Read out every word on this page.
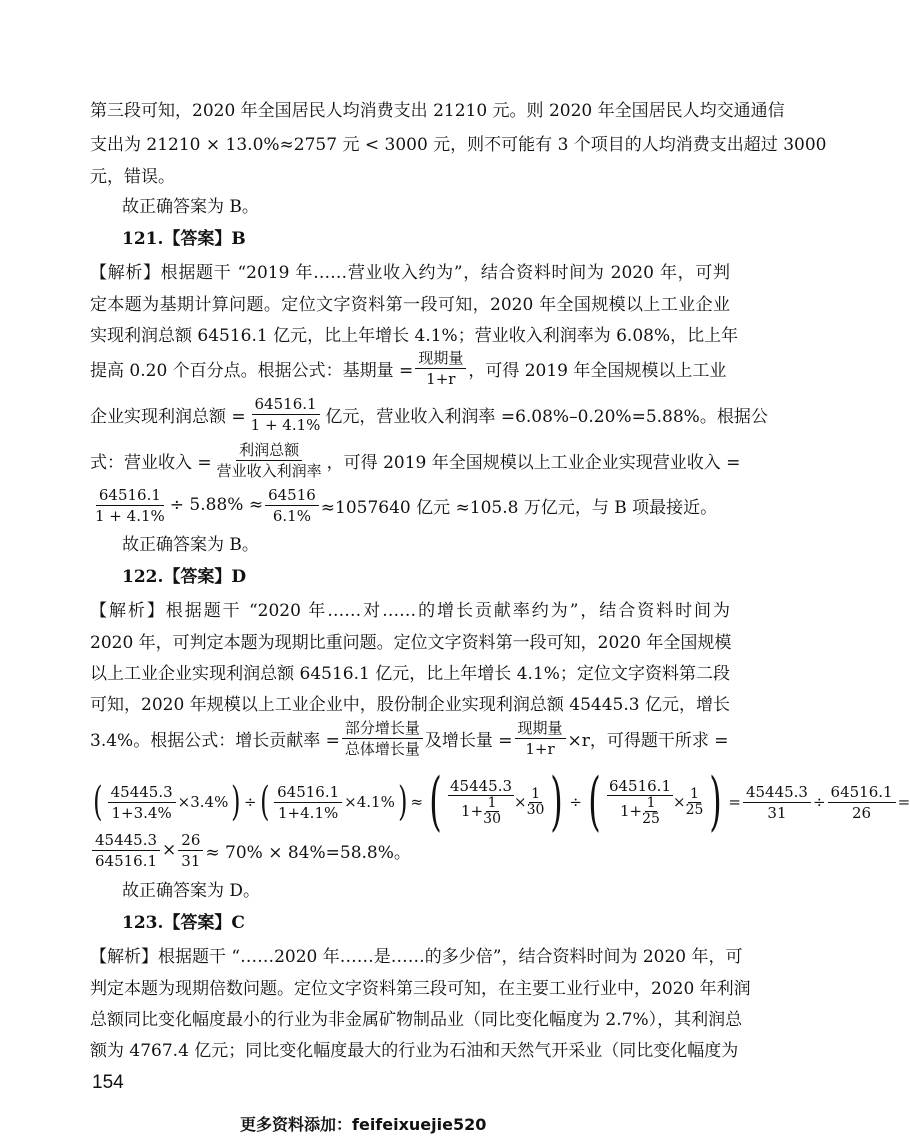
第三段可知，2020 年全国居民人均消费支出 21210 元。则 2020 年全国居民人均交通通信
支出为 21210 × 13.0%≈2757 元 < 3000 元，则不可能有 3 个项目的人均消费支出超过 3000
元，错误。
故正确答案为 B。
121.【答案】B
【解析】根据题干 “2019 年……营业收入约为”，结合资料时间为 2020 年，可判
定本题为基期计算问题。定位文字资料第一段可知，2020 年全国规模以上工业企业
实现利润总额 64516.1 亿元，比上年增长 4.1%；营业收入利润率为 6.08%，比上年
提高 0.20 个百分点。根据公式：基期量 = $\frac{\text{现期量}}{1+r}$ ，可得 2019 年全国规模以上工业
企业实现利润总额 = $\frac{64516.1}{1 + 4.1\%}$ 亿元，营业收入利润率 =6.08%–0.20%=5.88%。根据公
式：营业收入 = $\frac{\text{利润总额}}{\text{营业收入利润率}}$ ，可得 2019 年全国规模以上工业企业实现营业收入 =
$\frac{64516.1}{1 + 4.1\%} \div 5.88\% \approx \frac{64516}{6.1\%} \approx 1057640$ 亿元 ≈105.8 万亿元，与 B 项最接近。
故正确答案为 B。
122.【答案】D
【解析】根据题干 “2020 年……对……的增长贡献率约为”，结合资料时间为
2020 年，可判定本题为现期比重问题。定位文字资料第一段可知，2020 年全国规模
以上工业企业实现利润总额 64516.1 亿元，比上年增长 4.1%；定位文字资料第二段
可知，2020 年规模以上工业企业中，股份制企业实现利润总额 45445.3 亿元，增长
3.4%。根据公式：增长贡献率 = $\frac{\text{部分增长量}}{\text{总体增长量}}$ 及增长量 = $\frac{\text{现期量}}{1+r} \times r$，可得题干所求 =
( $\frac{45445.3}{1+3.4\%} \times 3.4\%$ ) ÷ ( $\frac{64516.1}{1+4.1\%} \times 4.1\%$ ) ≈ ( $\frac{45445.3}{1 + \frac{1}{30}} \times \frac{1}{30}$ ) ÷ ( $\frac{64516.1}{1 + \frac{1}{25}} \times \frac{1}{25}$ ) = $\frac{45445.3}{31} \div \frac{64516.1}{26}$ =
$\frac{45445.3}{64516.1} \times \frac{26}{31} \approx 70\% \times 84\%=58.8\%$。
故正确答案为 D。
123.【答案】C
【解析】根据题干 “……2020 年……是……的多少倍”，结合资料时间为 2020 年，可
判定本题为现期倍数问题。定位文字资料第三段可知，在主要工业行业中，2020 年利润
总额同比变化幅度最小的行业为非金属矿物制品业（同比变化幅度为 2.7%），其利润总
额为 4767.4 亿元；同比变化幅度最大的行业为石油和天然气开采业（同比变化幅度为
154
更多资料添加：feifeixuejie520
